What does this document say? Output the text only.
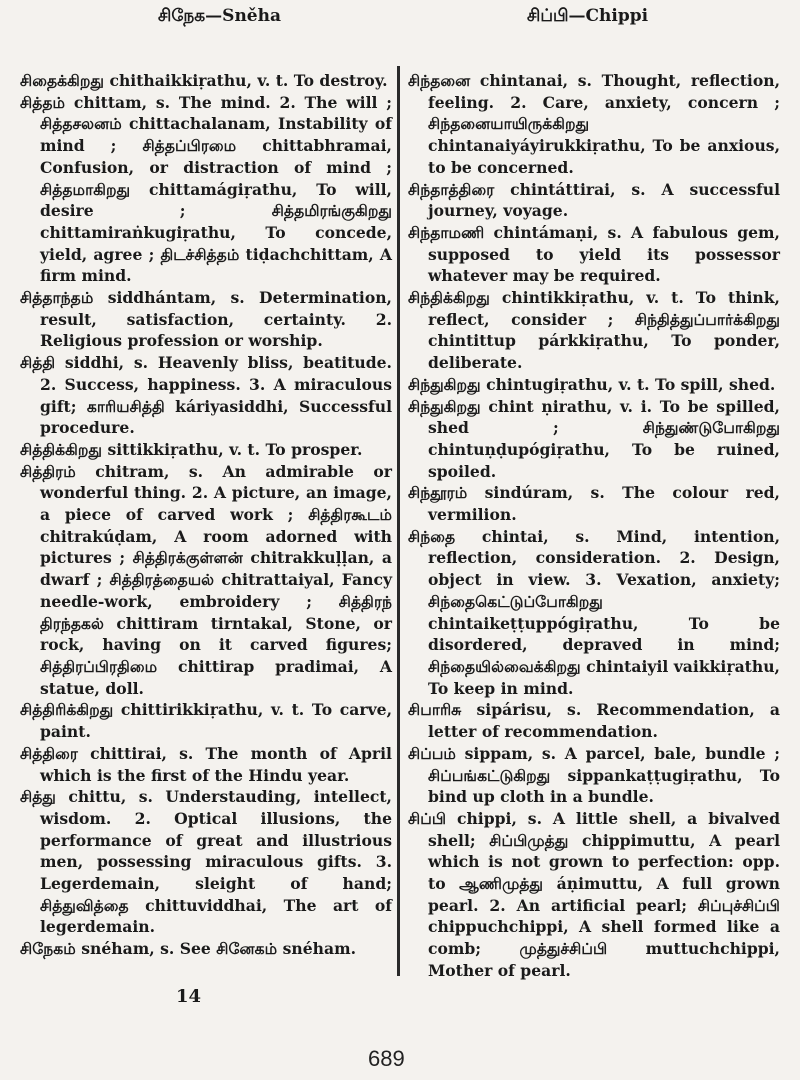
சிநேக—Sněha	சிப்பி—Chippi

சிதைக்கிறது chithaikkiṛathu, v. t. To destroy.

சித்தம் chittam, s. The mind. 2. The will ; சித்தசலனம் chittachalanam, Instability of mind ; சித்தப்பிரமை chittabhramai, Confusion, or distraction of mind ; சித்தமாகிறது chittamágiṛathu, To will, desire ; சித்தமிரங்குகிறது chittamiraṅkugiṛathu, To concede, yield, agree ; திடச்சித்தம் tiḍachchittam, A firm mind.

சித்தாந்தம் siddhántam, s. Determination, result, satisfaction, certainty. 2. Religious profession or worship.

சித்தி siddhi, s. Heavenly bliss, beatitude. 2. Success, happiness. 3. A miraculous gift; காரியசித்தி káriyasiddhi, Successful procedure.

சித்திக்கிறது sittikkiṛathu, v. t. To prosper.

சித்திரம் chitram, s. An admirable or wonderful thing. 2. A picture, an image, a piece of carved work ; சித்திரகூடம் chitrakúḍam, A room adorned with pictures ; சித்திரக்குள்ளன் chitrakkuḷḷan, a dwarf ; சித்திரத்தையல் chitrattaiyal, Fancy needle-work, embroidery ; சித்திரந் திரந்தகல் chittiram tirntakal, Stone, or rock, having on it carved figures; சித்திரப்பிரதிமை chittirap pradimai, A statue, doll.

சித்திரிக்கிறது chittirikkiṛathu, v. t. To carve, paint.

சித்திரை chittirai, s. The month of April which is the first of the Hindu year.

சித்து chittu, s. Understauding, intellect, wisdom. 2. Optical illusions, the performance of great and illustrious men, possessing miraculous gifts. 3. Legerdemain, sleight of hand; சித்துவித்தை chittuviddhai, The art of legerdemain.

சிநேகம் snéham, s. See சினேகம் snéham.

சிந்தனை chintanai, s. Thought, reflection, feeling. 2. Care, anxiety, concern ; சிந்தனையாயிருக்கிறது chintanaiyáyirukkiṛathu, To be anxious, to be concerned.

சிந்தாத்திரை chintáttirai, s. A successful journey, voyage.

சிந்தாமணி chintámaṇi, s. A fabulous gem, supposed to yield its possessor whatever may be required.

சிந்திக்கிறது chintikkiṛathu, v. t. To think, reflect, consider ; சிந்தித்துப்பார்க்கிறது chintittup párkkiṛathu, To ponder, deliberate.

சிந்துகிறது chintugiṛathu, v. t. To spill, shed.

சிந்துகிறது chint ṇirathu, v. i. To be spilled, shed ; சிந்துண்டுபோகிறது chintuṇḍupógiṛathu, To be ruined, spoiled.

சிந்தூரம் sindúram, s. The colour red, vermilion.

சிந்தை chintai, s. Mind, intention, reflection, consideration. 2. Design, object in view. 3. Vexation, anxiety; சிந்தைகெட்டுப்போகிறது chintaikeṭṭuppógiṛathu, To be disordered, depraved in mind; சிந்தையில்வைக்கிறது chintaiyil vaikkiṛathu, To keep in mind.

சிபாரிசு sipárisu, s. Recommendation, a letter of recommendation.

சிப்பம் sippam, s. A parcel, bale, bundle ; சிப்பங்கட்டுகிறது sippankaṭṭugiṛathu, To bind up cloth in a bundle.

சிப்பி chippi, s. A little shell, a bivalved shell; சிப்பிமுத்து chippimuttu, A pearl which is not grown to perfection: opp. to ஆணிமுத்து áṇimuttu, A full grown pearl. 2. An artificial pearl; சிப்புச்சிப்பி chippuchchippi, A shell formed like a comb; முத்துச்சிப்பி muttuchchippi, Mother of pearl.

14
689
